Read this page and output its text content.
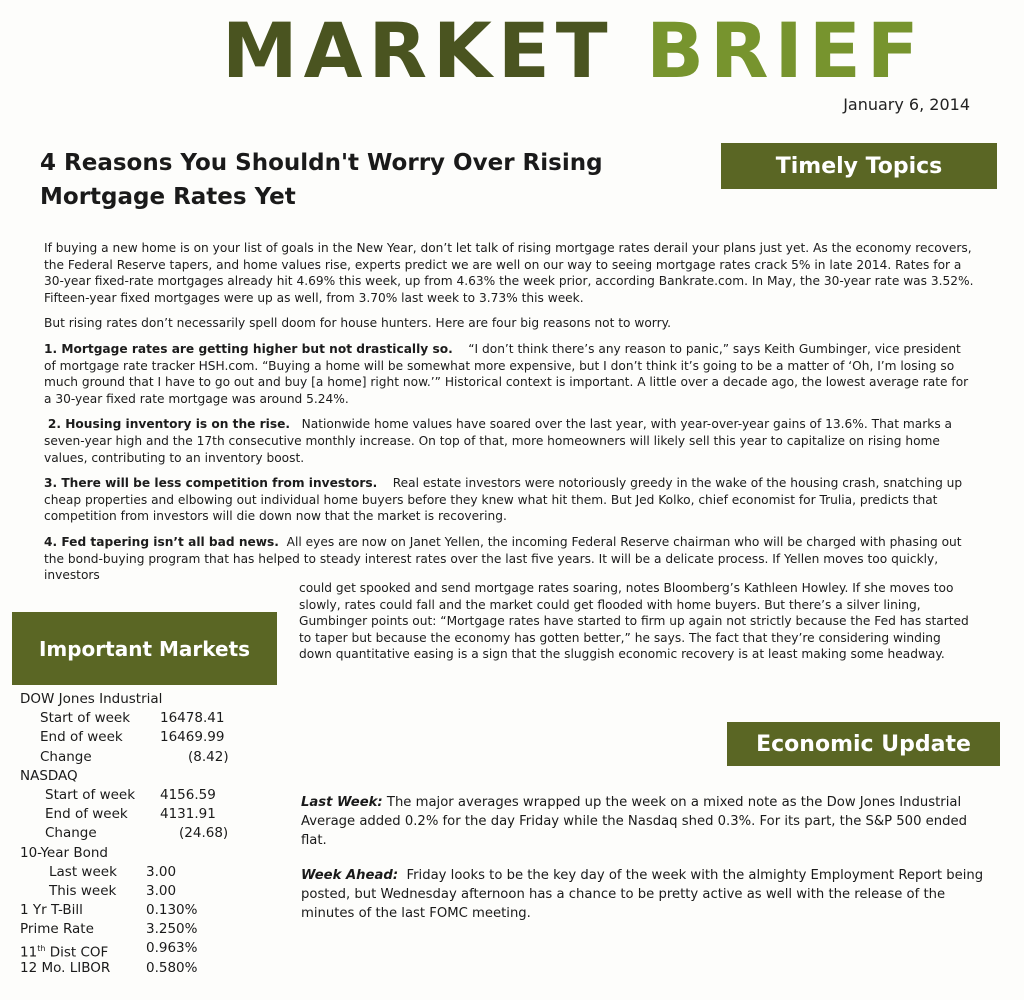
MARKET BRIEF
January 6, 2014
4 Reasons You Shouldn't Worry Over Rising
Mortgage Rates Yet
Timely Topics
Important Markets
Economic Update

If buying a new home is on your list of goals in the New Year, don’t let talk of rising mortgage rates derail your plans just yet. As the economy recovers, the Federal Reserve tapers, and home values rise, experts predict we are well on our way to seeing mortgage rates crack 5% in late 2014. Rates for a 30-year fixed-rate mortgages already hit 4.69% this week, up from 4.63% the week prior, according Bankrate.com. In May, the 30-year rate was 3.52%. Fifteen-year fixed mortgages were up as well, from 3.70% last week to 3.73% this week.

But rising rates don’t necessarily spell doom for house hunters. Here are four big reasons not to worry.

1. Mortgage rates are getting higher but not drastically so. “I don’t think there’s any reason to panic,” says Keith Gumbinger, vice president of mortgage rate tracker HSH.com. “Buying a home will be somewhat more expensive, but I don’t think it’s going to be a matter of ‘Oh, I’m losing so much ground that I have to go out and buy [a home] right now.’” Historical context is important. A little over a decade ago, the lowest average rate for a 30-year fixed rate mortgage was around 5.24%.

2. Housing inventory is on the rise. Nationwide home values have soared over the last year, with year-over-year gains of 13.6%. That marks a seven-year high and the 17th consecutive monthly increase. On top of that, more homeowners will likely sell this year to capitalize on rising home values, contributing to an inventory boost.

3. There will be less competition from investors. Real estate investors were notoriously greedy in the wake of the housing crash, snatching up cheap properties and elbowing out individual home buyers before they knew what hit them. But Jed Kolko, chief economist for Trulia, predicts that competition from investors will die down now that the market is recovering.

4. Fed tapering isn’t all bad news. All eyes are now on Janet Yellen, the incoming Federal Reserve chairman who will be charged with phasing out the bond-buying program that has helped to steady interest rates over the last five years. It will be a delicate process. If Yellen moves too quickly, investors

could get spooked and send mortgage rates soaring, notes Bloomberg’s Kathleen Howley. If she moves too slowly, rates could fall and the market could get flooded with home buyers. But there’s a silver lining, Gumbinger points out: “Mortgage rates have started to firm up again not strictly because the Fed has started to taper but because the economy has gotten better,” he says. The fact that they’re considering winding down quantitative easing is a sign that the sluggish economic recovery is at least making some headway.
DOW Jones Industrial
Start of week 16478.41
End of week	16469.99
Change	(8.42)
NASDAQ
Start of week 4156.59
End of week 4131.91
Change	(24.68)
10-Year Bond
Last week 3.00
This week 3.00
1 Yr T-Bill	0.130%
Prime Rate	3.250%
11th Dist COF	0.963%
12 Mo. LIBOR	0.580%

Last Week: The major averages wrapped up the week on a mixed note as the Dow Jones Industrial Average added 0.2% for the day Friday while the Nasdaq shed 0.3%. For its part, the S&P 500 ended flat.

Week Ahead: Friday looks to be the key day of the week with the almighty Employment Report being posted, but Wednesday afternoon has a chance to be pretty active as well with the release of the minutes of the last FOMC meeting.
